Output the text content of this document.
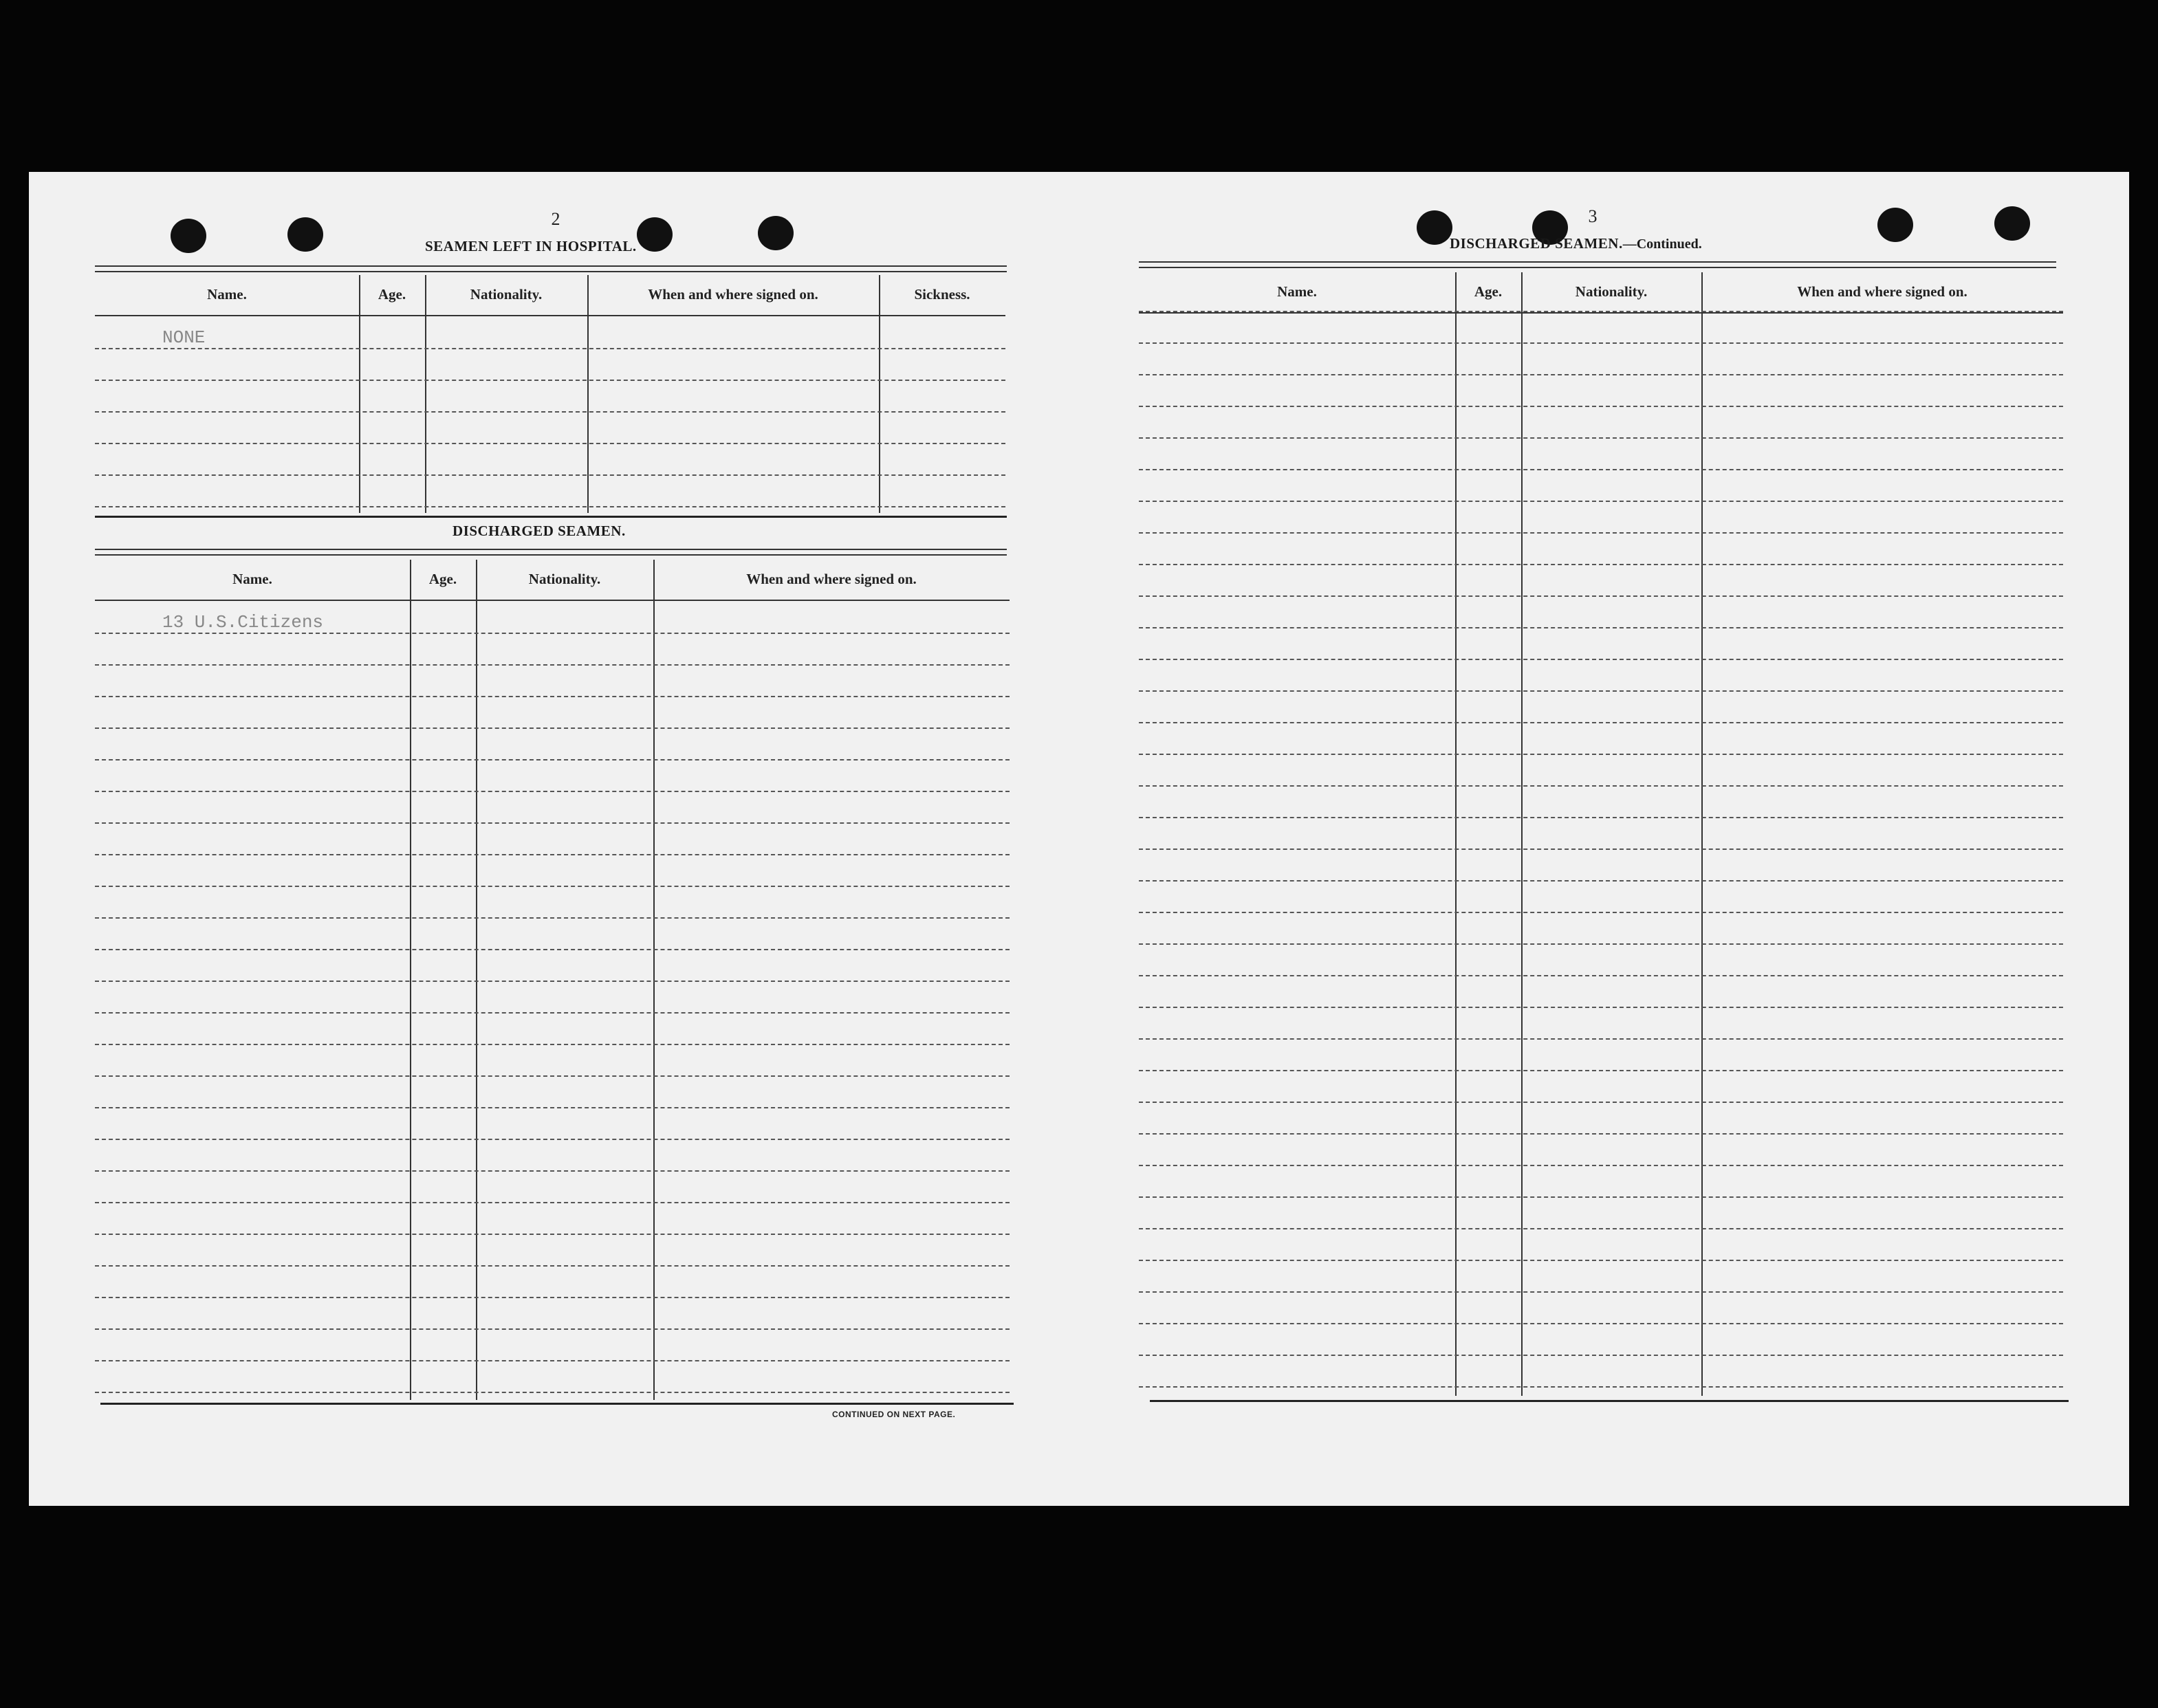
2
SEAMEN LEFT IN HOSPITAL.
Name.	Age.	Nationality.	When and where signed on.	Sickness.
NONE
DISCHARGED SEAMEN.
Name.	Age.	Nationality.	When and where signed on.
13 U.S.Citizens
CONTINUED ON NEXT PAGE.
3
DISCHARGED SEAMEN.—Continued.
Name.	Age.	Nationality.	When and where signed on.
